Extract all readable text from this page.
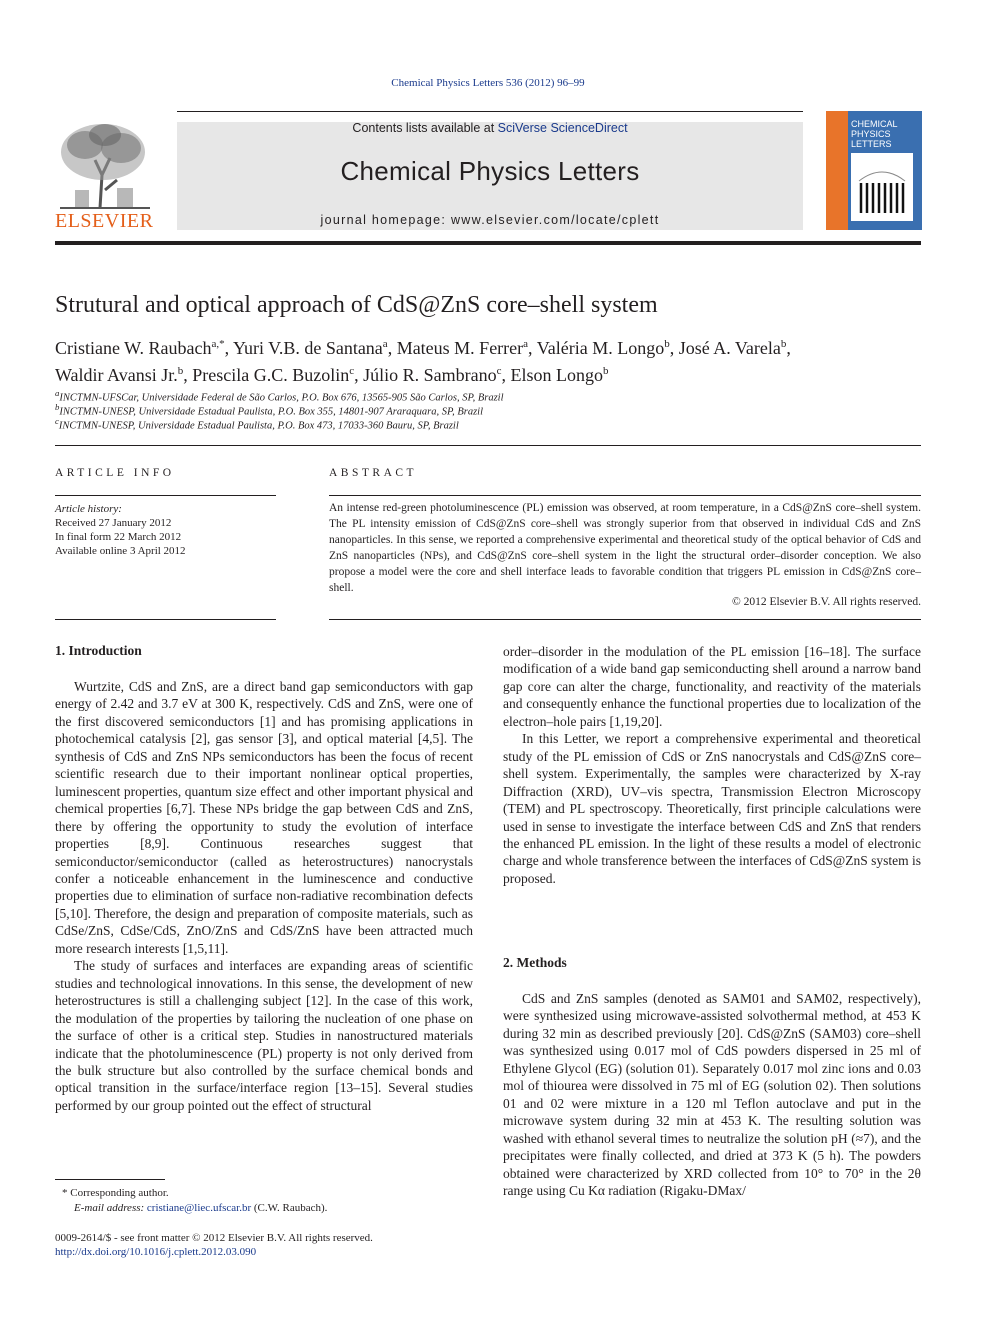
Chemical Physics Letters 536 (2012) 96–99
ELSEVIER
Contents lists available at SciVerse ScienceDirect
Chemical Physics Letters
journal homepage: www.elsevier.com/locate/cplett
CHEMICAL PHYSICS LETTERS
Strutural and optical approach of CdS@ZnS core–shell system
Cristiane W. Raubach$^{a,*}$, Yuri V.B. de Santana$^a$, Mateus M. Ferrer$^a$, Valéria M. Longo$^b$, José A. Varela$^b$,
Waldir Avansi Jr.$^b$, Prescila G.C. Buzolin$^c$, Júlio R. Sambrano$^c$, Elson Longo$^b$
$^a$INCTMN-UFSCar, Universidade Federal de São Carlos, P.O. Box 676, 13565-905 São Carlos, SP, Brazil
$^b$INCTMN-UNESP, Universidade Estadual Paulista, P.O. Box 355, 14801-907 Araraquara, SP, Brazil
$^c$INCTMN-UNESP, Universidade Estadual Paulista, P.O. Box 473, 17033-360 Bauru, SP, Brazil
ARTICLE INFO
Article history:
Received 27 January 2012
In final form 22 March 2012
Available online 3 April 2012
ABSTRACT
An intense red-green photoluminescence (PL) emission was observed, at room temperature, in a CdS@ZnS core–shell system. The PL intensity emission of CdS@ZnS core–shell was strongly superior from that observed in individual CdS and ZnS nanoparticles. In this sense, we reported a comprehensive experimental and theoretical study of the optical behavior of CdS and ZnS nanoparticles (NPs), and CdS@ZnS core–shell system in the light the structural order–disorder conception. We also propose a model were the core and shell interface leads to favorable condition that triggers PL emission in CdS@ZnS core–shell.
© 2012 Elsevier B.V. All rights reserved.
1. Introduction

Wurtzite, CdS and ZnS, are a direct band gap semiconductors with gap energy of 2.42 and 3.7 eV at 300 K, respectively. CdS and ZnS, were one of the first discovered semiconductors [1] and has promising applications in photochemical catalysis [2], gas sensor [3], and optical material [4,5]. The synthesis of CdS and ZnS NPs semiconductors has been the focus of recent scientific research due to their important nonlinear optical properties, luminescent properties, quantum size effect and other important physical and chemical properties [6,7]. These NPs bridge the gap between CdS and ZnS, there by offering the opportunity to study the evolution of interface properties [8,9]. Continuous researches suggest that semiconductor/semiconductor (called as heterostructures) nanocrystals confer a noticeable enhancement in the luminescence and conductive properties due to elimination of surface non-radiative recombination defects [5,10]. Therefore, the design and preparation of composite materials, such as CdSe/ZnS, CdSe/CdS, ZnO/ZnS and CdS/ZnS have been attracted much more research interests [1,5,11].

The study of surfaces and interfaces are expanding areas of scientific studies and technological innovations. In this sense, the development of new heterostructures is still a challenging subject [12]. In the case of this work, the modulation of the properties by tailoring the nucleation of one phase on the surface of other is a critical step. Studies in nanostructured materials indicate that the photoluminescence (PL) property is not only derived from the bulk structure but also controlled by the surface chemical bonds and optical transition in the surface/interface region [13–15]. Several studies performed by our group pointed out the effect of structural

* Corresponding author.
E-mail address: cristiane@liec.ufscar.br (C.W. Raubach).
0009-2614/$ - see front matter © 2012 Elsevier B.V. All rights reserved.
http://dx.doi.org/10.1016/j.cplett.2012.03.090

order–disorder in the modulation of the PL emission [16–18]. The surface modification of a wide band gap semiconducting shell around a narrow band gap core can alter the charge, functionality, and reactivity of the materials and consequently enhance the functional properties due to localization of the electron–hole pairs [1,19,20].

In this Letter, we report a comprehensive experimental and theoretical study of the PL emission of CdS or ZnS nanocrystals and CdS@ZnS core–shell system. Experimentally, the samples were characterized by X-ray Diffraction (XRD), UV–vis spectra, Transmission Electron Microscopy (TEM) and PL spectroscopy. Theoretically, first principle calculations were used in sense to investigate the interface between CdS and ZnS that renders the enhanced PL emission. In the light of these results a model of electronic charge and whole transference between the interfaces of CdS@ZnS system is proposed.

2. Methods

CdS and ZnS samples (denoted as SAM01 and SAM02, respectively), were synthesized using microwave-assisted solvothermal method, at 453 K during 32 min as described previously [20]. CdS@ZnS (SAM03) core–shell was synthesized using 0.017 mol of CdS powders dispersed in 25 ml of Ethylene Glycol (EG) (solution 01). Separately 0.017 mol zinc ions and 0.03 mol of thiourea were dissolved in 75 ml of EG (solution 02). Then solutions 01 and 02 were mixture in a 120 ml Teflon autoclave and put in the microwave system during 32 min at 453 K. The resulting solution was washed with ethanol several times to neutralize the solution pH (≈7), and the precipitates were finally collected, and dried at 373 K (5 h). The powders obtained were characterized by XRD collected from 10° to 70° in the 2θ range using Cu Kα radiation (Rigaku-DMax/
